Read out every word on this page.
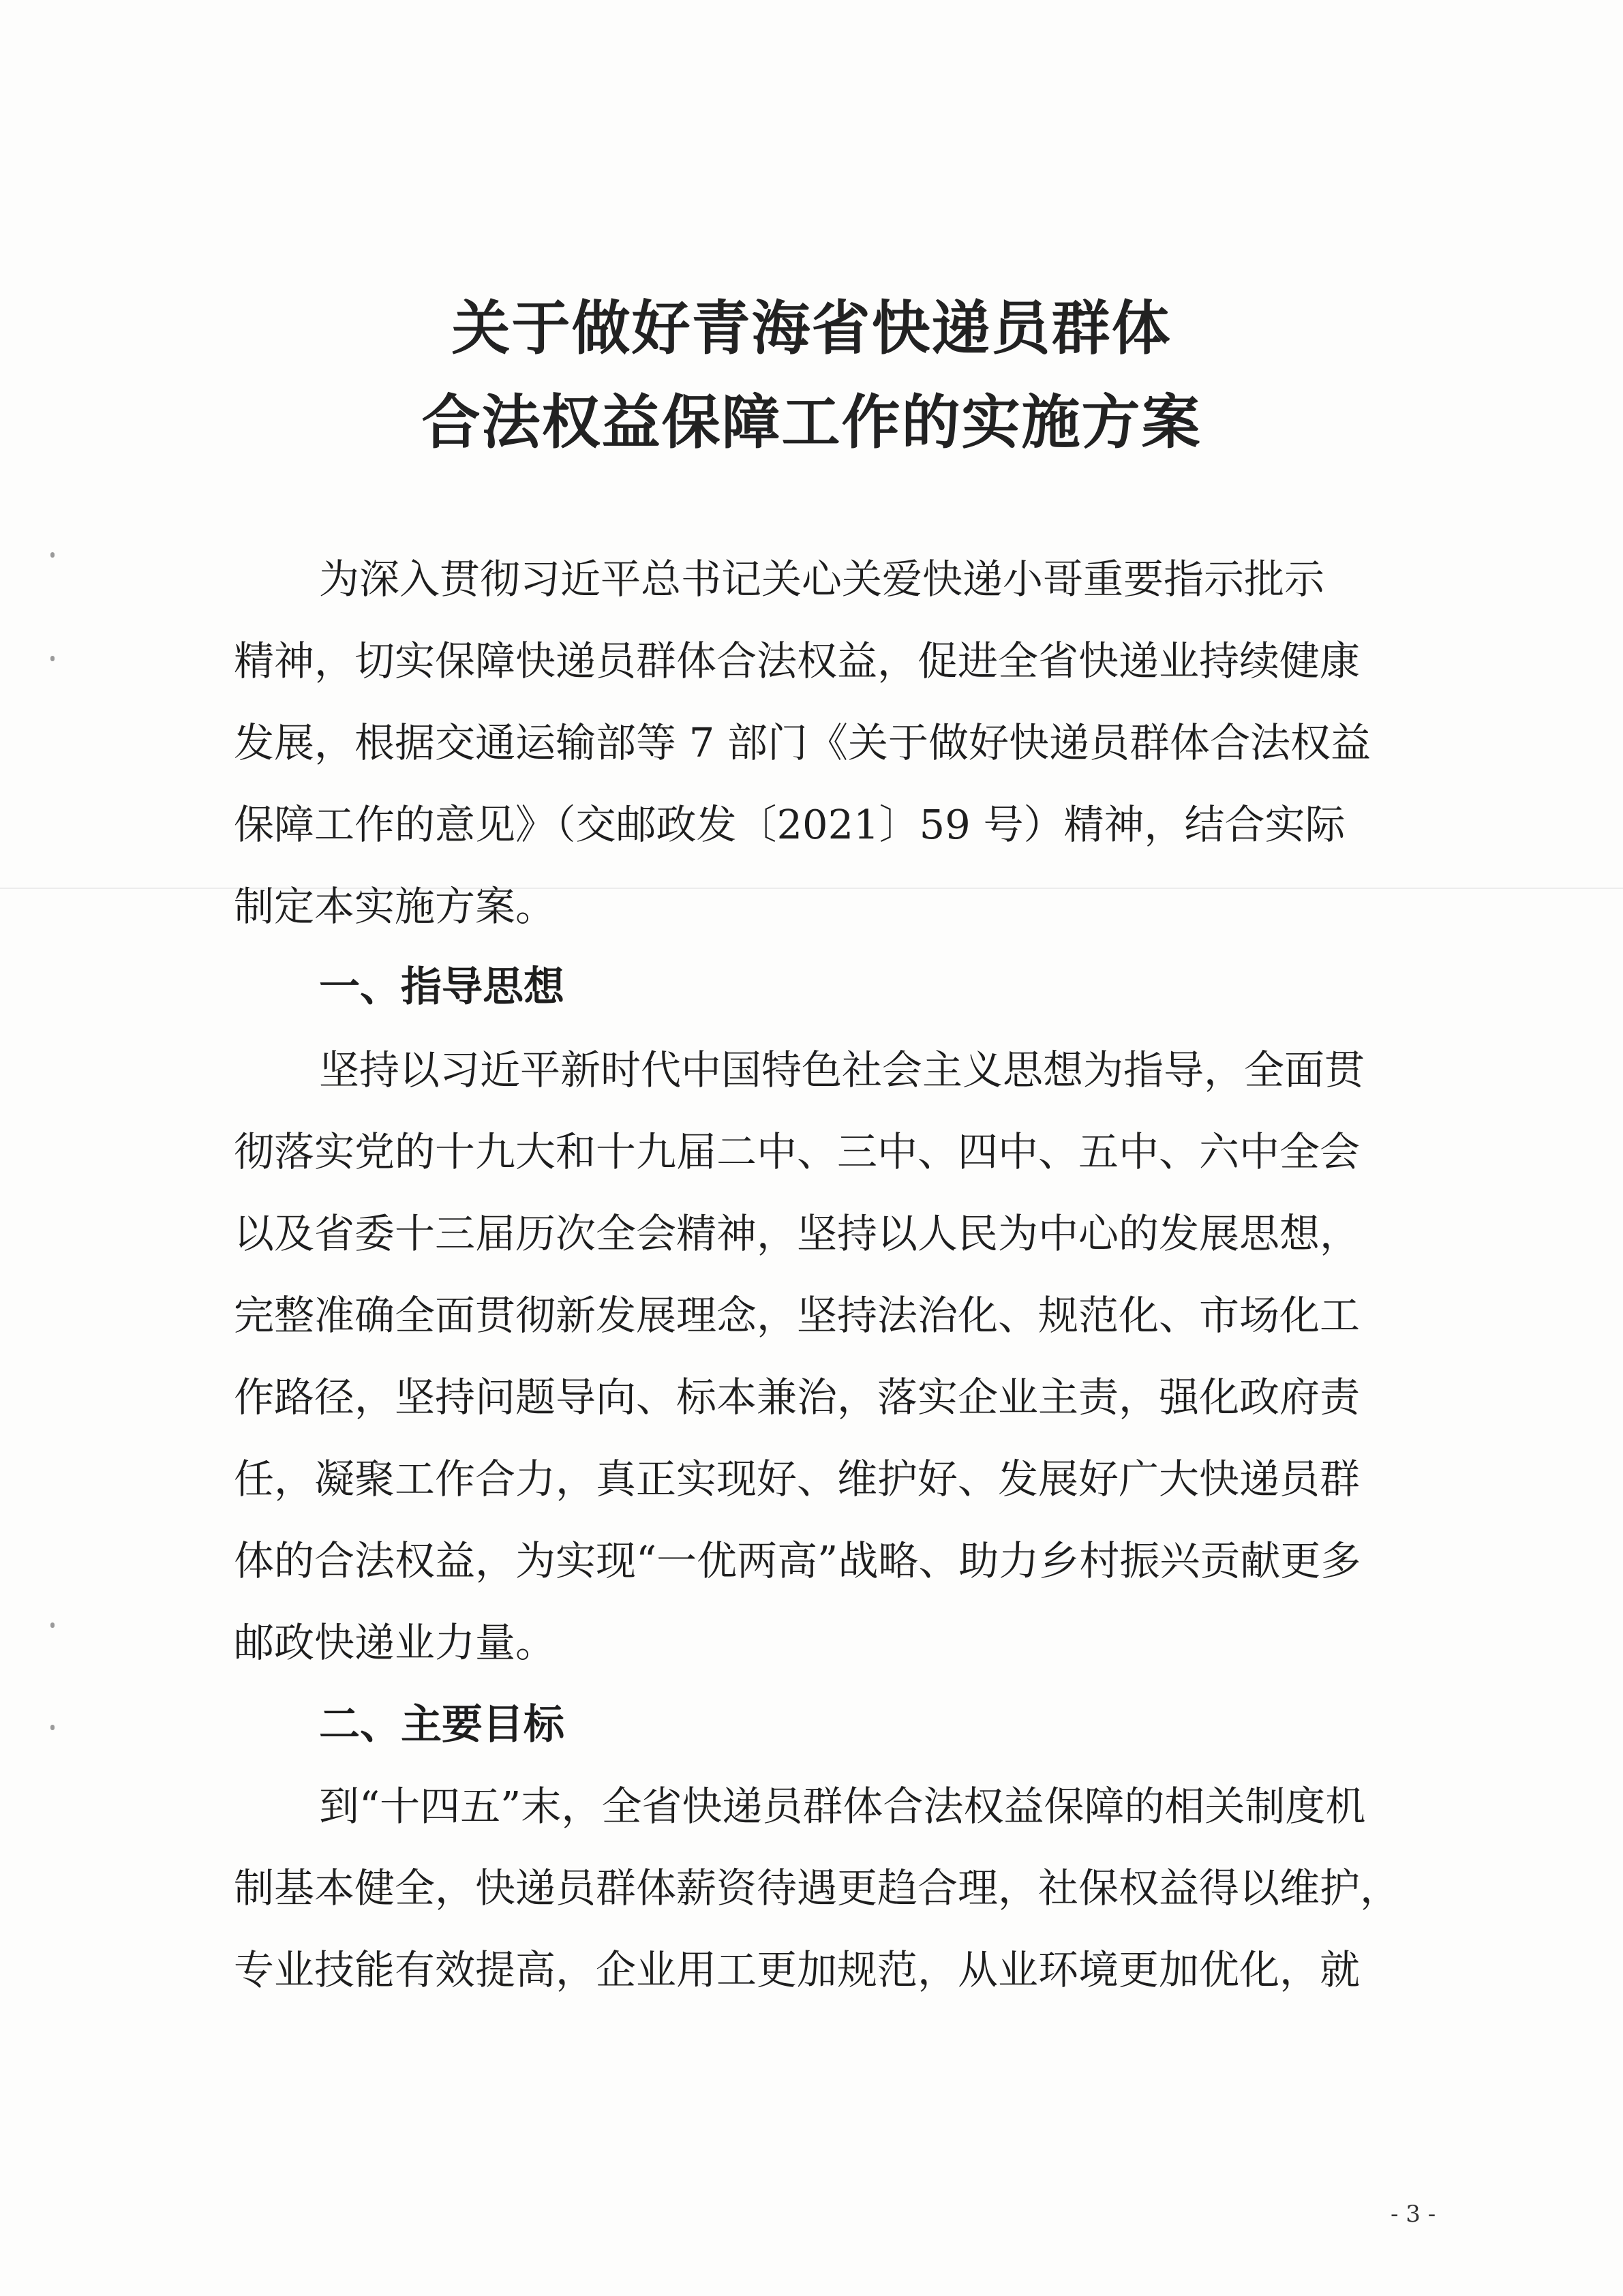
关于做好青海省快递员群体
合法权益保障工作的实施方案
为深入贯彻习近平总书记关心关爱快递小哥重要指示批示
精神，切实保障快递员群体合法权益，促进全省快递业持续健康
发展，根据交通运输部等 7 部门《关于做好快递员群体合法权益
保障工作的意见》（交邮政发〔2021〕59 号）精神，结合实际
制定本实施方案。
一、指导思想
坚持以习近平新时代中国特色社会主义思想为指导，全面贯
彻落实党的十九大和十九届二中、三中、四中、五中、六中全会
以及省委十三届历次全会精神，坚持以人民为中心的发展思想，
完整准确全面贯彻新发展理念，坚持法治化、规范化、市场化工
作路径，坚持问题导向、标本兼治，落实企业主责，强化政府责
任，凝聚工作合力，真正实现好、维护好、发展好广大快递员群
体的合法权益，为实现“一优两高”战略、助力乡村振兴贡献更多
邮政快递业力量。
二、主要目标
到“十四五”末，全省快递员群体合法权益保障的相关制度机
制基本健全，快递员群体薪资待遇更趋合理，社保权益得以维护，
专业技能有效提高，企业用工更加规范，从业环境更加优化，就
- 3 -
